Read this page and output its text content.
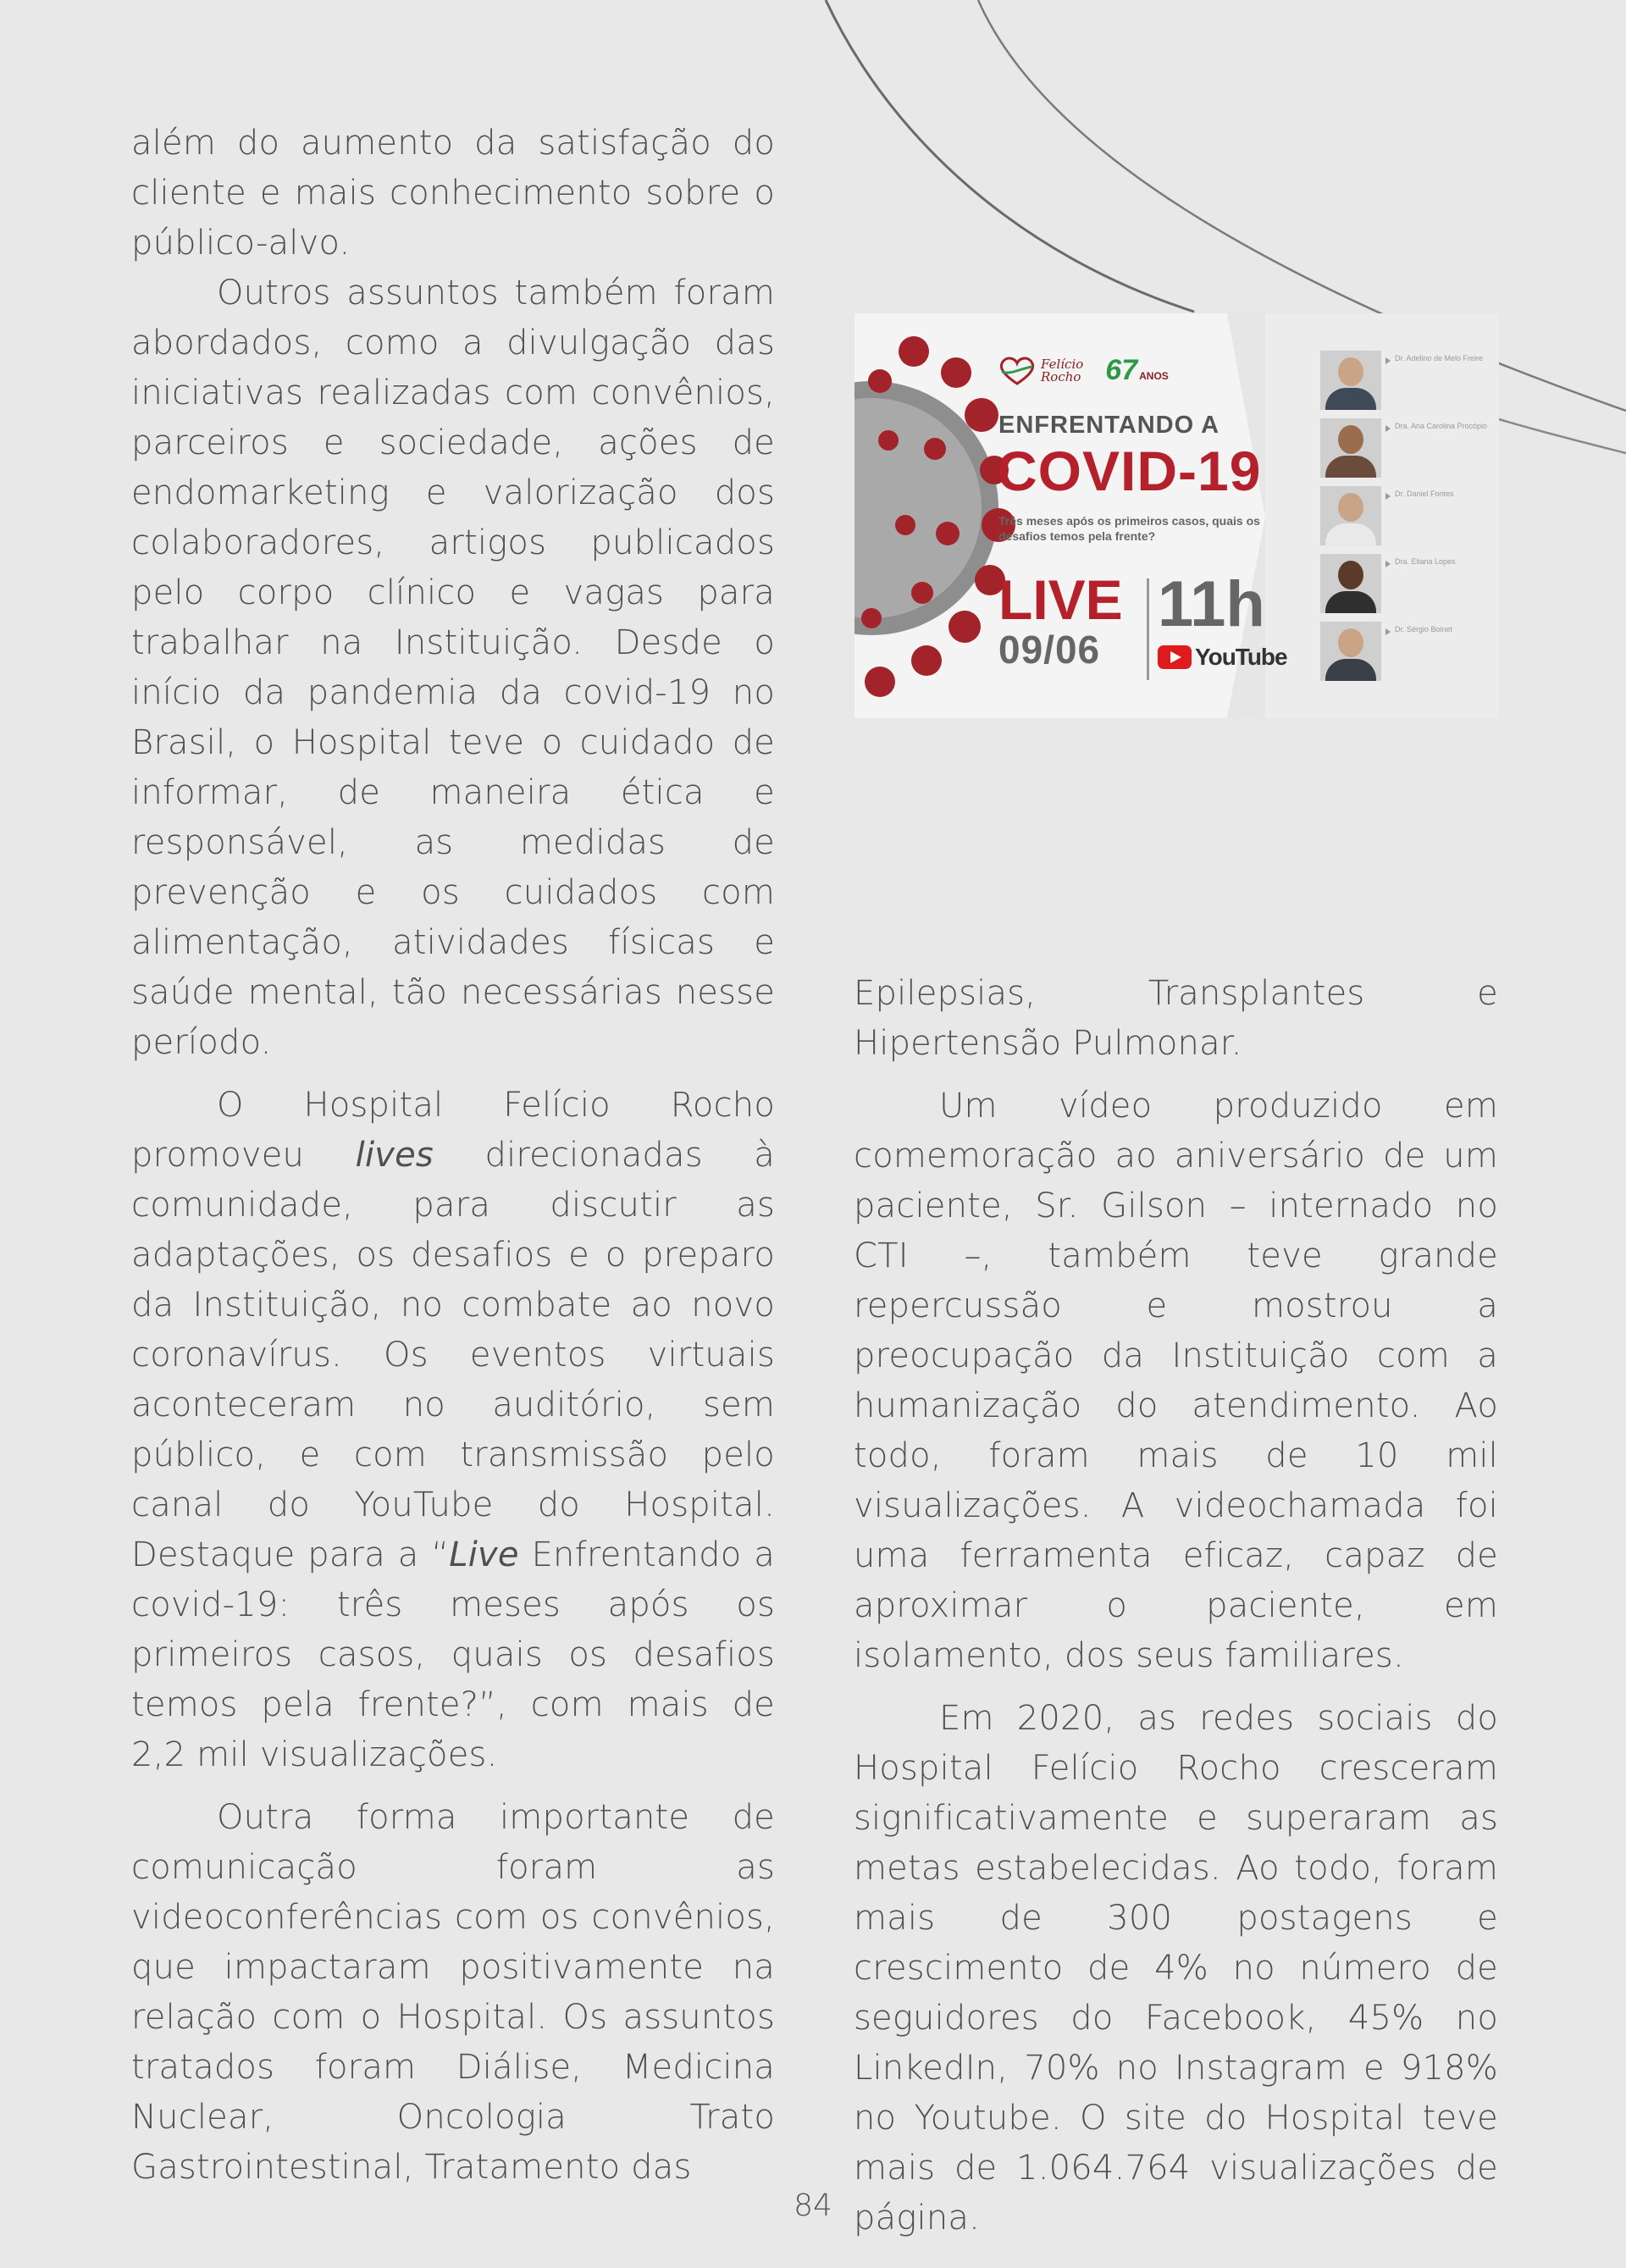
além do aumento da satisfação do cliente e mais conhecimento sobre o público-alvo.

Outros assuntos também foram abordados, como a divulgação das iniciativas realizadas com convênios, parceiros e sociedade, ações de endomarketing e valorização dos colaboradores, artigos publicados pelo corpo clínico e vagas para trabalhar na Instituição. Desde o início da pandemia da covid-19 no Brasil, o Hospital teve o cuidado de informar, de maneira ética e responsável, as medidas de prevenção e os cuidados com alimentação, atividades físicas e saúde mental, tão necessárias nesse período.

O Hospital Felício Rocho promoveu lives direcionadas à comunidade, para discutir as adaptações, os desafios e o preparo da Instituição, no combate ao novo coronavírus. Os eventos virtuais aconteceram no auditório, sem público, e com transmissão pelo canal do YouTube do Hospital. Destaque para a “Live Enfrentando a covid-19: três meses após os primeiros casos, quais os desafios temos pela frente?”, com mais de 2,2 mil visualizações.

Outra forma importante de comunicação foram as videoconferências com os convênios, que impactaram positivamente na relação com o Hospital. Os assuntos tratados foram Diálise, Medicina Nuclear, Oncologia Trato Gastrointestinal, Tratamento das

Felício
Rocho 67 ANOS
ENFRENTANDO A
COVID-19
Três meses após os primeiros casos, quais os desafios temos pela frente?
LIVE
09/06
11h
YouTube
Dr. Adelino de Melo Freire
Dra. Ana Carolina Procópio
Dr. Daniel Fontes
Dra. Eliana Lopes
Dr. Sérgio Boinet

Epilepsias, Transplantes e Hipertensão Pulmonar.

Um vídeo produzido em comemoração ao aniversário de um paciente, Sr. Gilson – internado no CTI –, também teve grande repercussão e mostrou a preocupação da Instituição com a humanização do atendimento. Ao todo, foram mais de 10 mil visualizações. A videochamada foi uma ferramenta eficaz, capaz de aproximar o paciente, em isolamento, dos seus familiares.

Em 2020, as redes sociais do Hospital Felício Rocho cresceram significativamente e superaram as metas estabelecidas. Ao todo, foram mais de 300 postagens e crescimento de 4% no número de seguidores do Facebook, 45% no LinkedIn, 70% no Instagram e 918% no Youtube. O site do Hospital teve mais de 1.064.764 visualizações de página.

84
